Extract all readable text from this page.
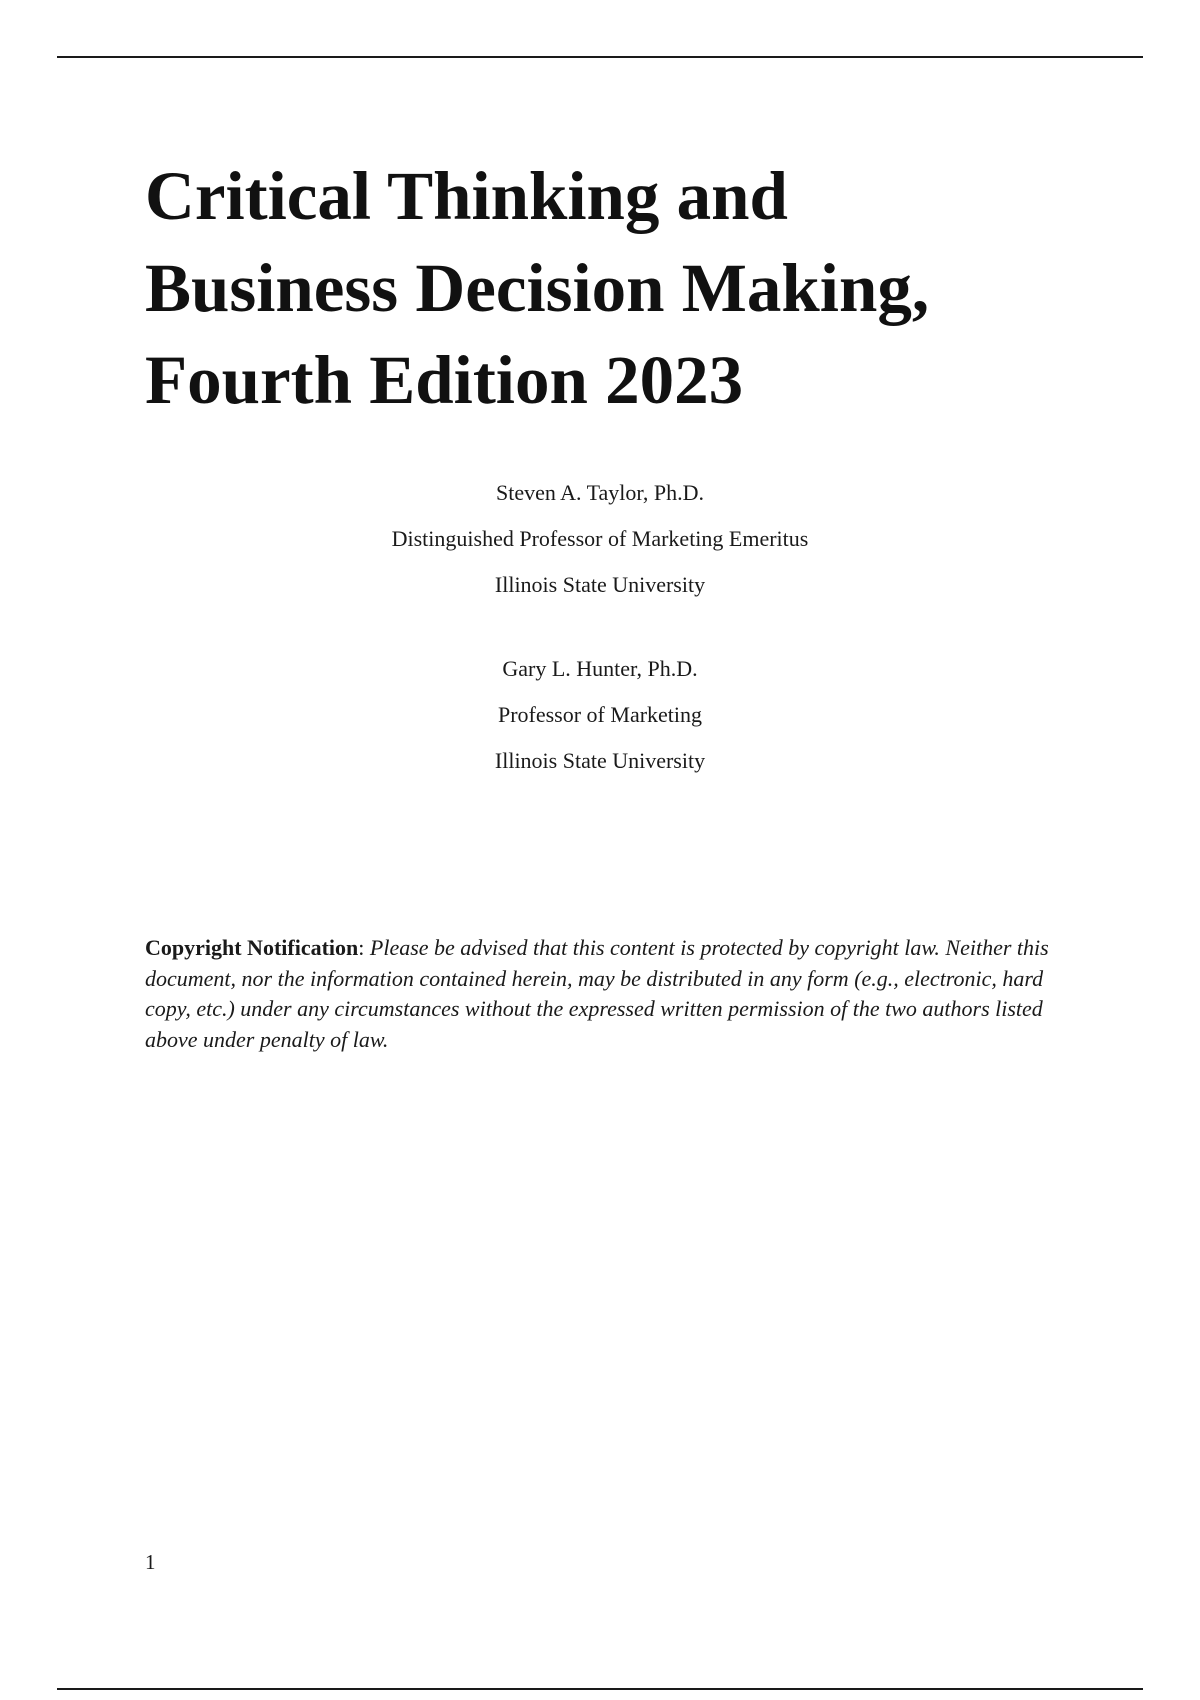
Critical Thinking and
Business Decision Making,
Fourth Edition 2023
Steven A. Taylor, Ph.D.
Distinguished Professor of Marketing Emeritus
Illinois State University
Gary L. Hunter, Ph.D.
Professor of Marketing
Illinois State University

Copyright Notification: Please be advised that this content is protected by copyright law. Neither this document, nor the information contained herein, may be distributed in any form (e.g., electronic, hard copy, etc.) under any circumstances without the expressed written permission of the two authors listed above under penalty of law.

1
